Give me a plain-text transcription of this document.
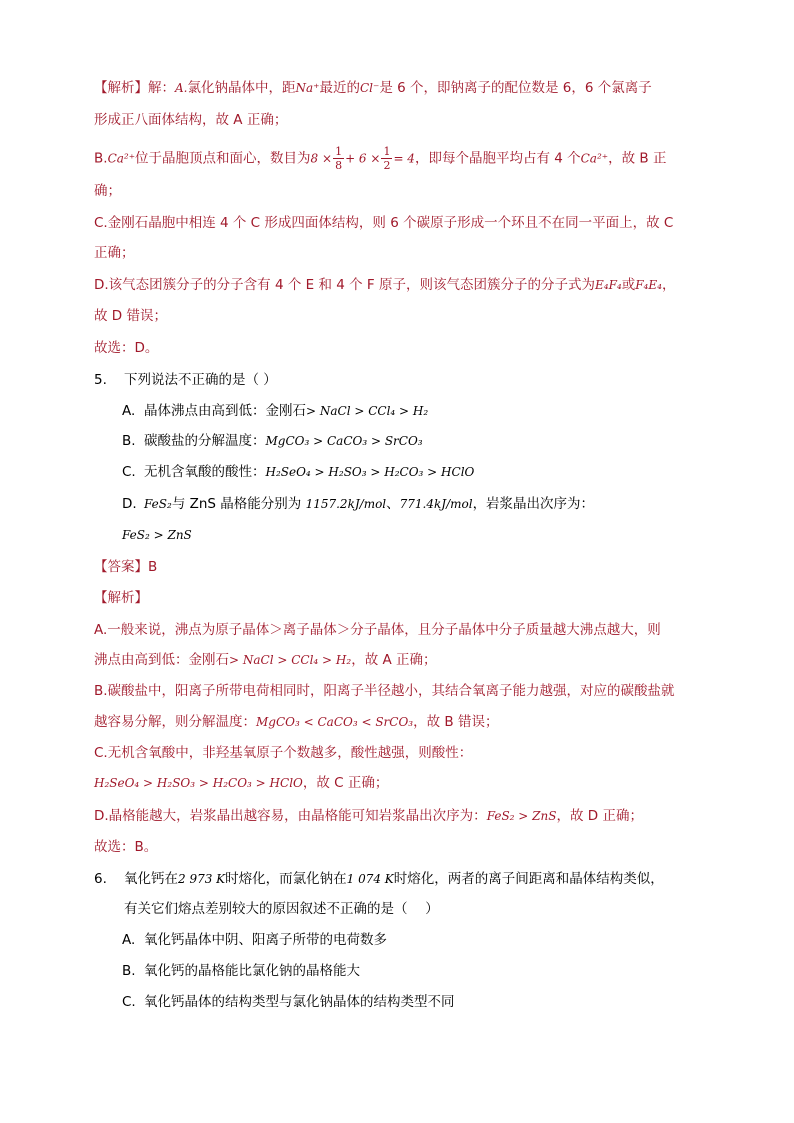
【解析】解：A.氯化钠晶体中，距Na⁺最近的Cl⁻是 6 个，即钠离子的配位数是 6，6 个氯离子
形成正八面体结构，故 A 正确；
B.Ca²⁺位于晶胞顶点和面心，数目为$8 \times \frac{1}{8} + 6 \times \frac{1}{2} = 4$，即每个晶胞平均占有 4 个Ca²⁺，故 B 正
确；
C.金刚石晶胞中相连 4 个 C 形成四面体结构，则 6 个碳原子形成一个环且不在同一平面上，故 C
正确；
D.该气态团簇分子的分子含有 4 个 E 和 4 个 F 原子，则该气态团簇分子的分子式为E₄F₄或F₄E₄，
故 D 错误；
故选：D。
5. 下列说法不正确的是（ ）
A. 晶体沸点由高到低：金刚石> NaCl > CCl₄ > H₂
B. 碳酸盐的分解温度：MgCO₃ > CaCO₃ > SrCO₃
C. 无机含氧酸的酸性：H₂SeO₄ > H₂SO₃ > H₂CO₃ > HClO
D. FeS₂与 ZnS 晶格能分别为 1157.2kJ/mol、771.4kJ/mol，岩浆晶出次序为：
FeS₂ > ZnS
【答案】B
【解析】
A.一般来说，沸点为原子晶体＞离子晶体＞分子晶体，且分子晶体中分子质量越大沸点越大，则
沸点由高到低：金刚石> NaCl > CCl₄ > H₂，故 A 正确；
B.碳酸盐中，阳离子所带电荷相同时，阳离子半径越小，其结合氧离子能力越强，对应的碳酸盐就
越容易分解，则分解温度：MgCO₃ < CaCO₃ < SrCO₃，故 B 错误；
C.无机含氧酸中，非羟基氧原子个数越多，酸性越强，则酸性：
H₂SeO₄ > H₂SO₃ > H₂CO₃ > HClO，故 C 正确；
D.晶格能越大，岩浆晶出越容易，由晶格能可知岩浆晶出次序为：FeS₂ > ZnS，故 D 正确；
故选：B。
6. 氧化钙在2 973 K时熔化，而氯化钠在1 074 K时熔化，两者的离子间距离和晶体结构类似，
有关它们熔点差别较大的原因叙述不正确的是（　 ）
A. 氧化钙晶体中阴、阳离子所带的电荷数多
B. 氧化钙的晶格能比氯化钠的晶格能大
C. 氧化钙晶体的结构类型与氯化钠晶体的结构类型不同
